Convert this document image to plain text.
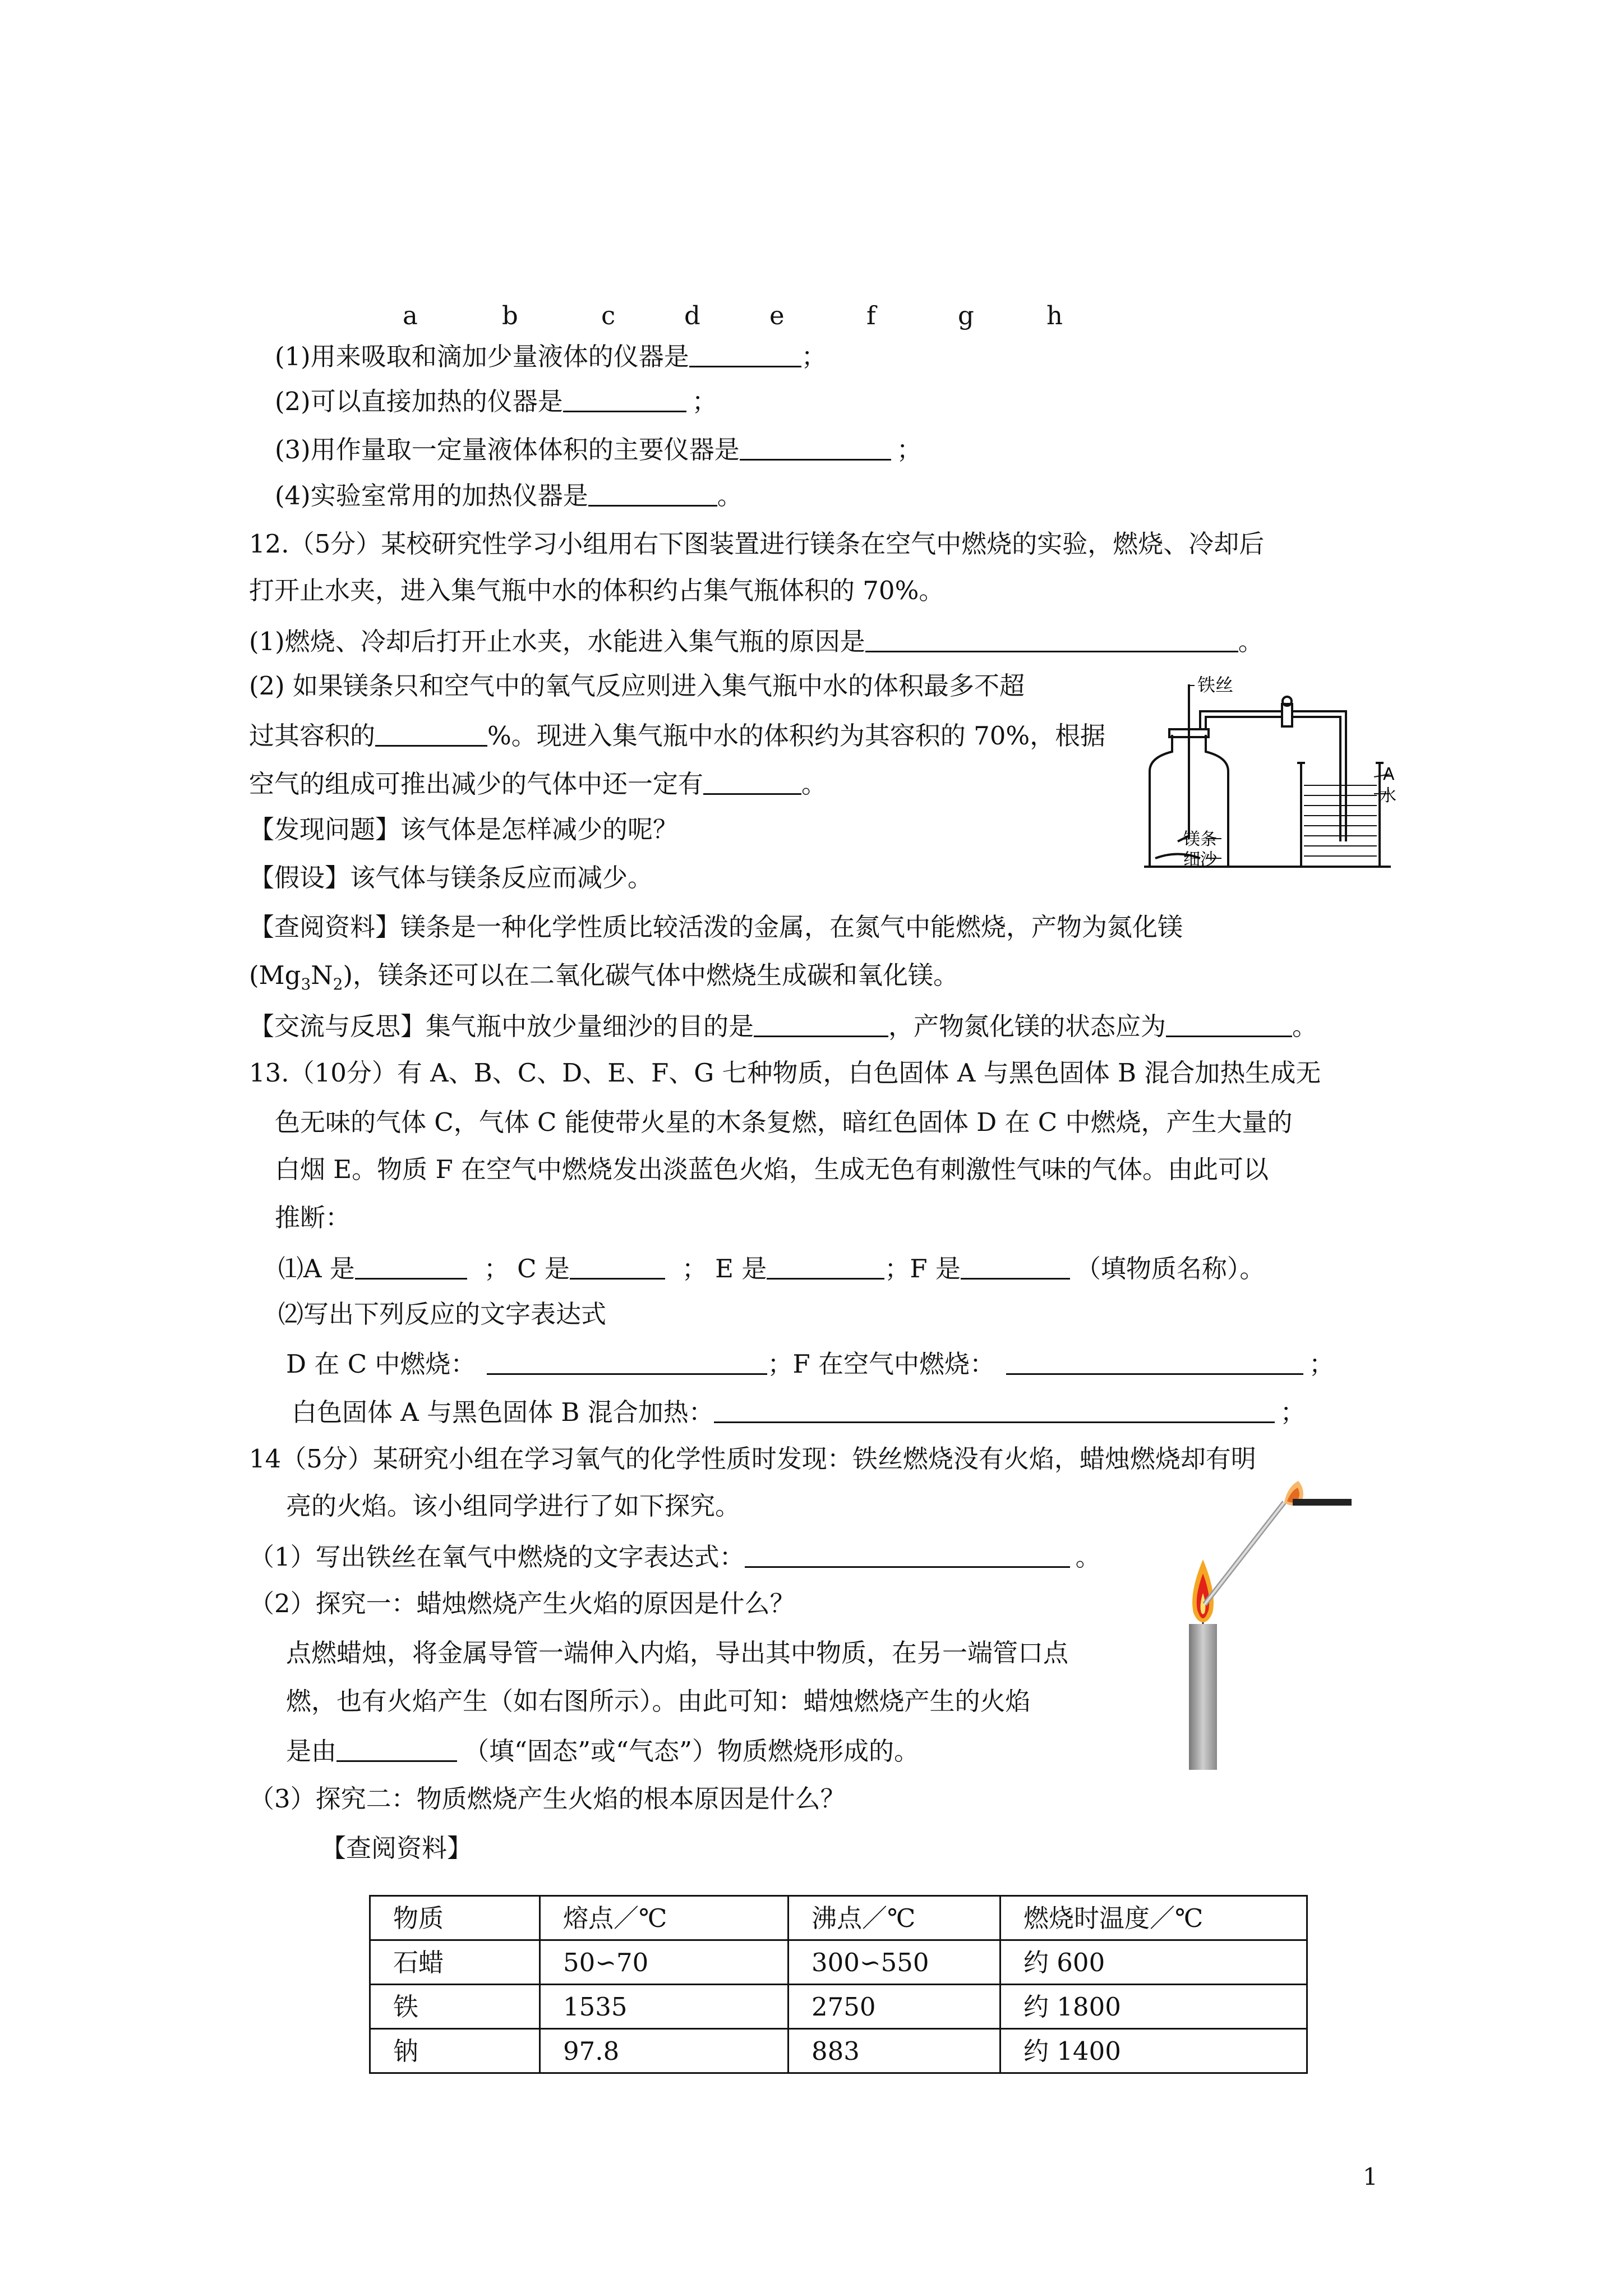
a	b	c	d	e	f	g	h
(1)用来吸取和滴加少量液体的仪器是	；
(2)可以直接加热的仪器是	；
(3)用作量取一定量液体体积的主要仪器是	；
(4)实验室常用的加热仪器是	。
12.（5分）某校研究性学习小组用右下图装置进行镁条在空气中燃烧的实验，燃烧、冷却后
打开止水夹，进入集气瓶中水的体积约占集气瓶体积的 70%。
(1)燃烧、冷却后打开止水夹，水能进入集气瓶的原因是	。
(2) 如果镁条只和空气中的氧气反应则进入集气瓶中水的体积最多不超
过其容积的	%。现进入集气瓶中水的体积约为其容积的 70%，根据
空气的组成可推出减少的气体中还一定有	。
【发现问题】该气体是怎样减少的呢？
【假设】该气体与镁条反应而减少。
【查阅资料】镁条是一种化学性质比较活泼的金属，在氮气中能燃烧，产物为氮化镁
$(Mg_3N_2)$，镁条还可以在二氧化碳气体中燃烧生成碳和氧化镁。
【交流与反思】集气瓶中放少量细沙的目的是	，产物氮化镁的状态应为	。
铁丝
A
水
镁条
细沙
13.（10分）有 A、B、C、D、E、F、G 七种物质，白色固体 A 与黑色固体 B 混合加热生成无
色无味的气体 C，气体 C 能使带火星的木条复燃，暗红色固体 D 在 C 中燃烧，产生大量的
白烟 E。物质 F 在空气中燃烧发出淡蓝色火焰，生成无色有刺激性气味的气体。由此可以
推断：
⑴A 是	； C 是	； E 是	；F 是	（填物质名称）。
⑵写出下列反应的文字表达式
D 在 C 中燃烧：	；F 在空气中燃烧：	；
白色固体 A 与黑色固体 B 混合加热：	；
14（5分）某研究小组在学习氧气的化学性质时发现：铁丝燃烧没有火焰，蜡烛燃烧却有明
亮的火焰。该小组同学进行了如下探究。
（1）写出铁丝在氧气中燃烧的文字表达式：	。
（2）探究一：蜡烛燃烧产生火焰的原因是什么？
点燃蜡烛，将金属导管一端伸入内焰，导出其中物质，在另一端管口点
燃，也有火焰产生（如右图所示）。由此可知：蜡烛燃烧产生的火焰
是由	（填“固态”或“气态”）物质燃烧形成的。
（3）探究二：物质燃烧产生火焰的根本原因是什么？
【查阅资料】
物质	熔点／℃	沸点／℃	燃烧时温度／℃
石蜡	50∽70	300∽550	约 600
铁	1535	2750	约 1800
钠	97.8	883	约 1400
1
